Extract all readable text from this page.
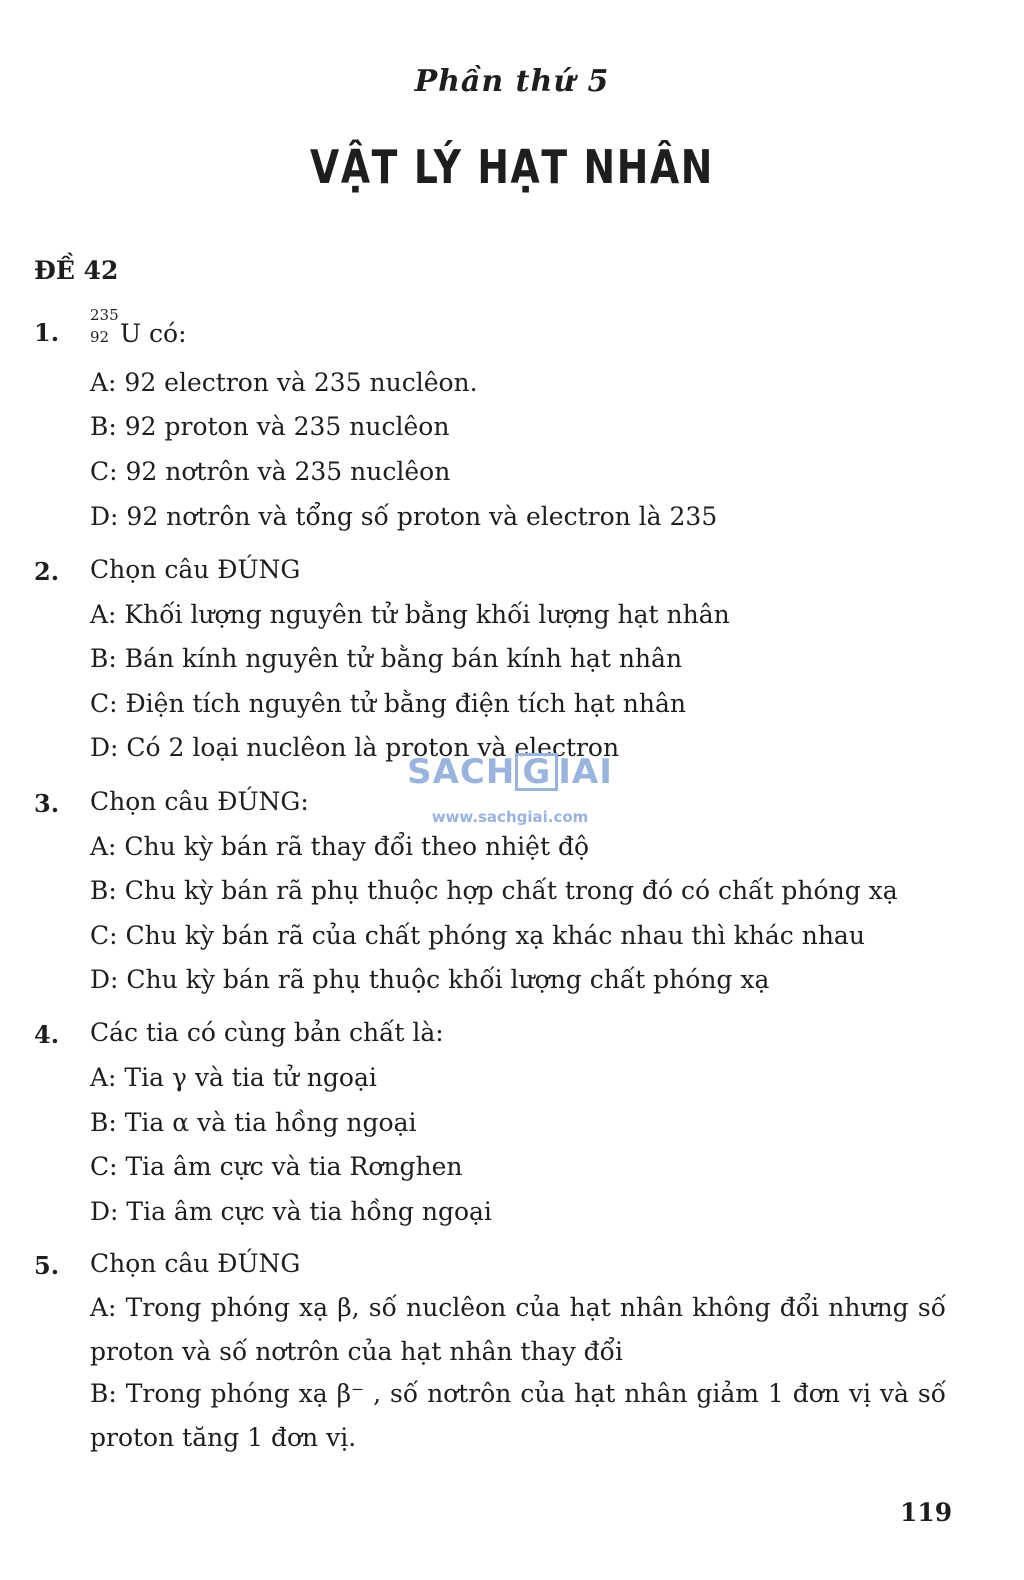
Phần thứ 5
VẬT LÝ HẠT NHÂN
ĐỀ 42
1.
235
92 U có:
A: 92 electron và 235 nuclêon.
B: 92 proton và 235 nuclêon
C: 92 nơtrôn và 235 nuclêon
D: 92 nơtrôn và tổng số proton và electron là 235
2. Chọn câu ĐÚNG
A: Khối lượng nguyên tử bằng khối lượng hạt nhân
B: Bán kính nguyên tử bằng bán kính hạt nhân
C: Điện tích nguyên tử bằng điện tích hạt nhân
D: Có 2 loại nuclêon là proton và electron
3. Chọn câu ĐÚNG:
A: Chu kỳ bán rã thay đổi theo nhiệt độ
B: Chu kỳ bán rã phụ thuộc hợp chất trong đó có chất phóng xạ
C: Chu kỳ bán rã của chất phóng xạ khác nhau thì khác nhau
D: Chu kỳ bán rã phụ thuộc khối lượng chất phóng xạ
4. Các tia có cùng bản chất là:
A: Tia γ và tia tử ngoại
B: Tia α và tia hồng ngoại
C: Tia âm cực và tia Rơnghen
D: Tia âm cực và tia hồng ngoại
5. Chọn câu ĐÚNG
A: Trong phóng xạ β, số nuclêon của hạt nhân không đổi nhưng số proton và số nơtrôn của hạt nhân thay đổi
B: Trong phóng xạ β⁻ , số nơtrôn của hạt nhân giảm 1 đơn vị và số proton tăng 1 đơn vị.
SACH G IAI
www.sachgiai.com
119
